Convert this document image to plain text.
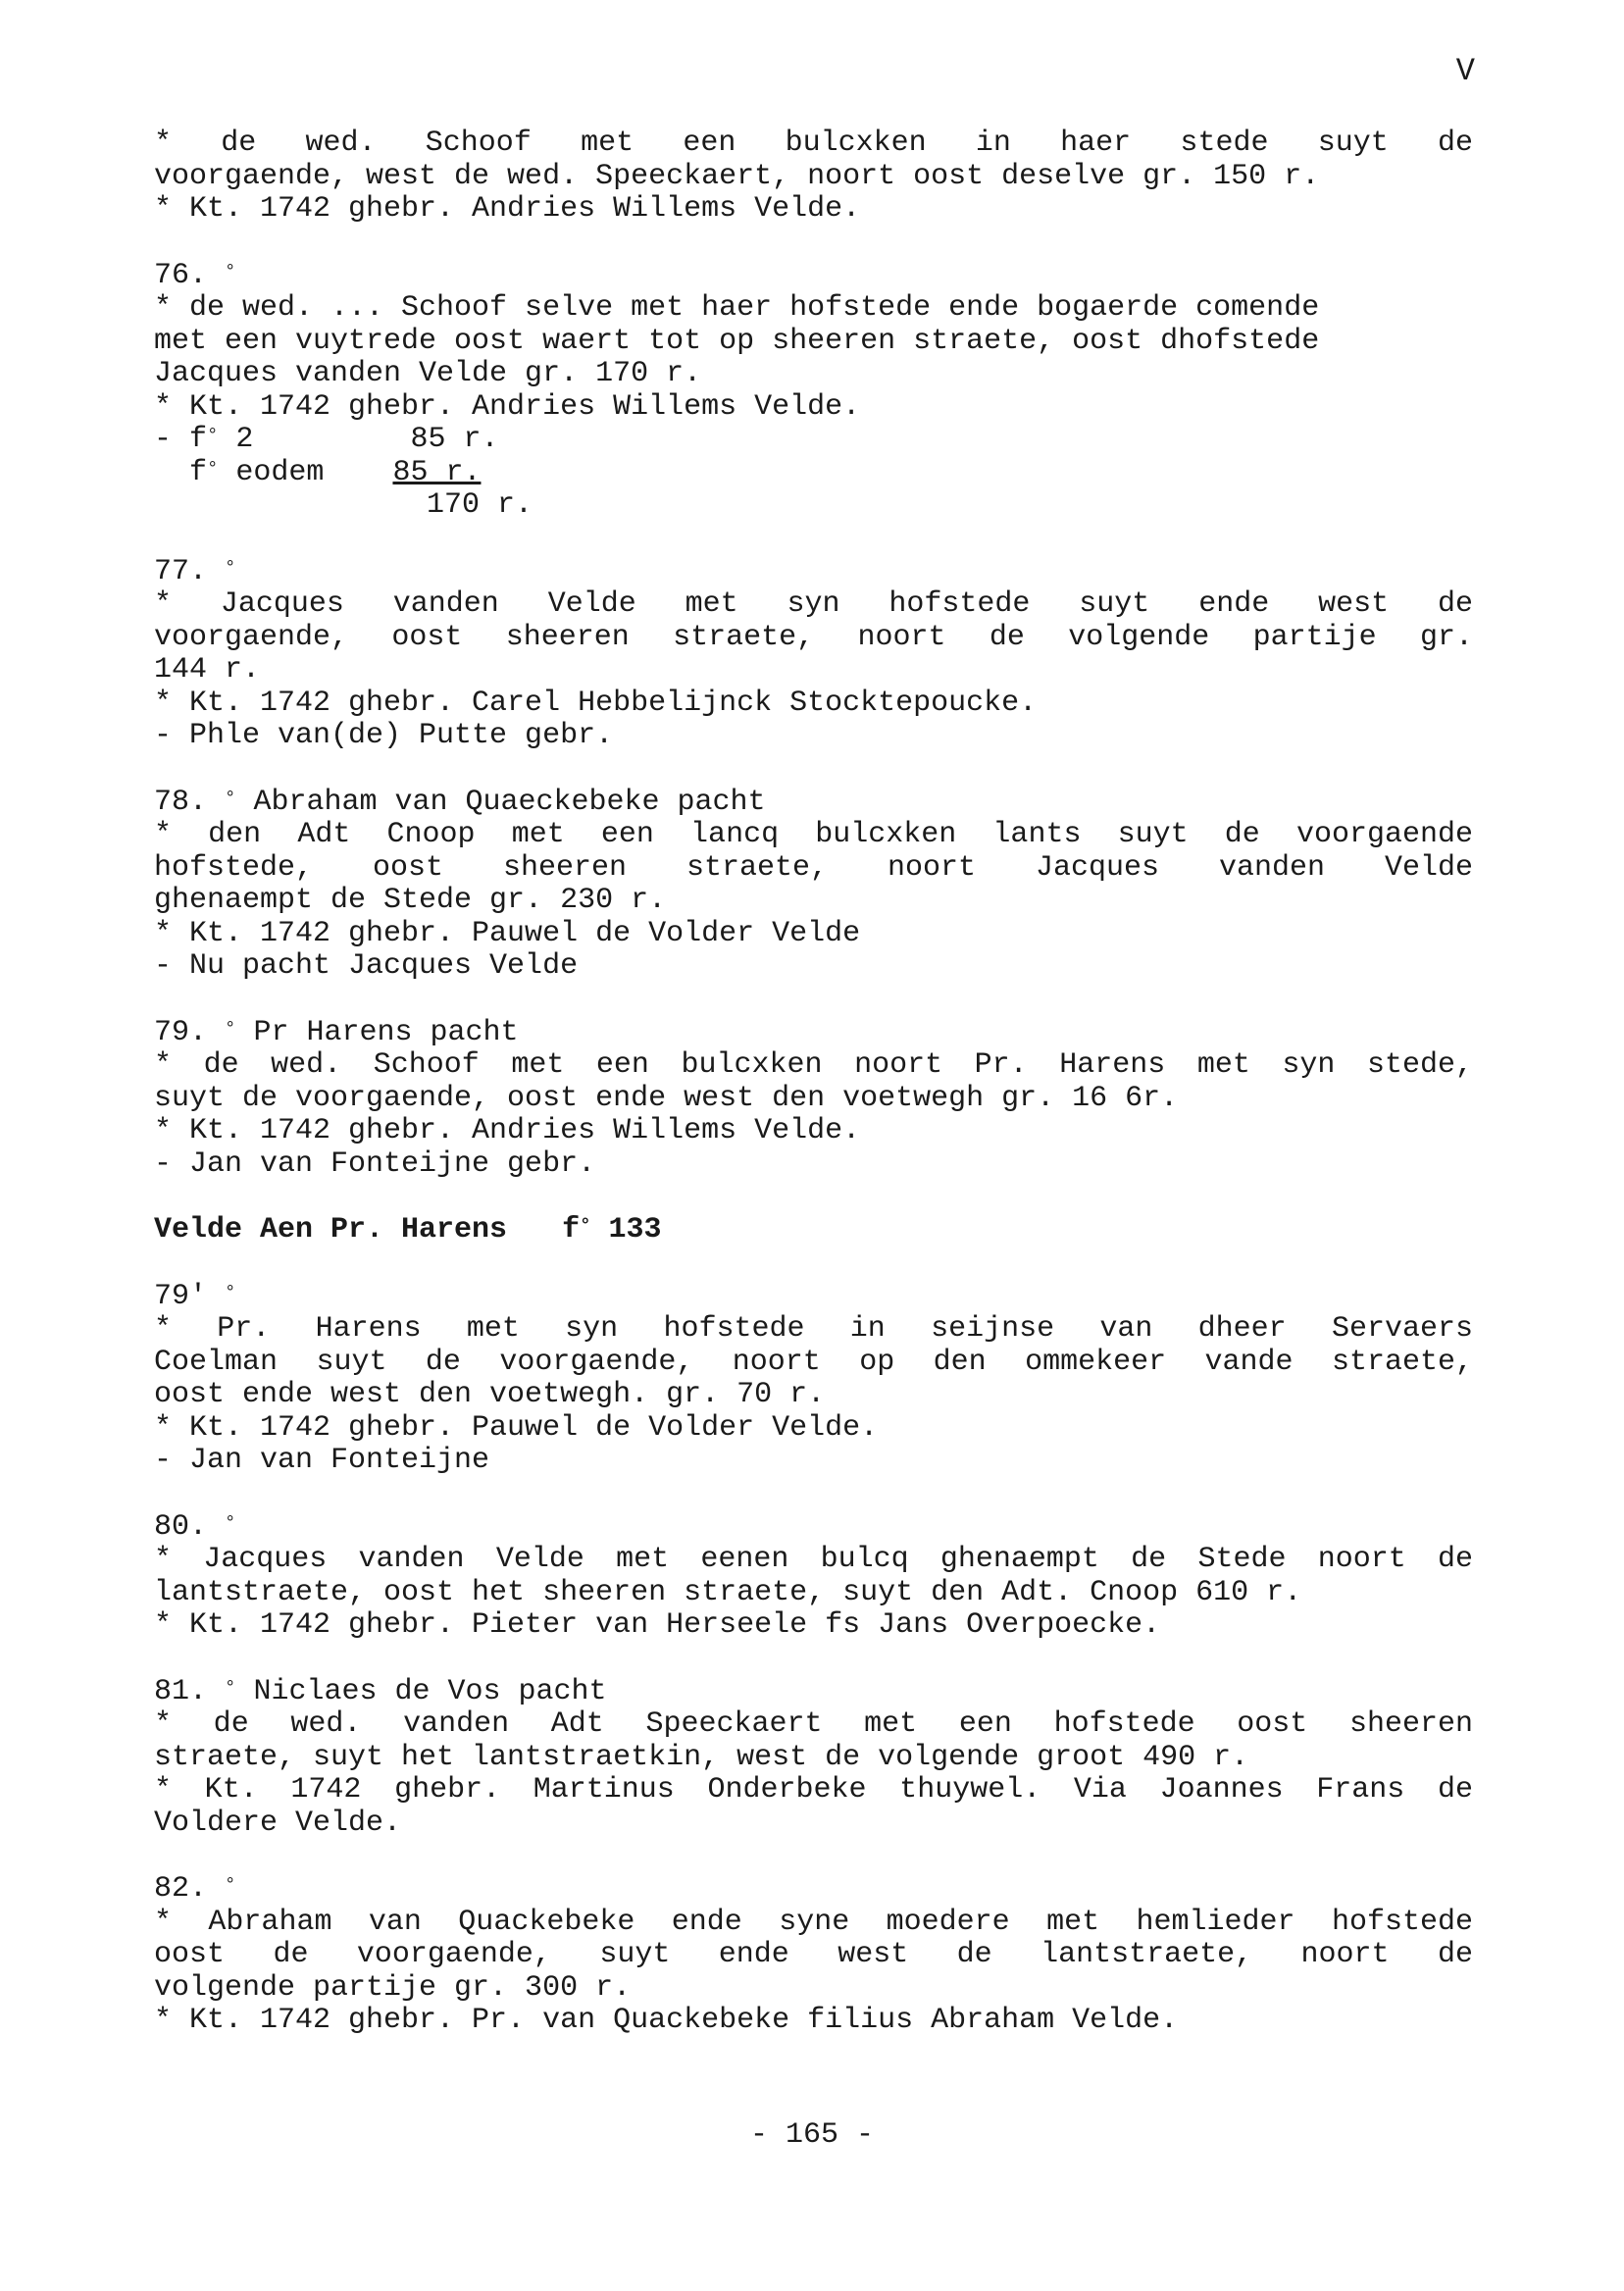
V
* de wed. Schoof met een bulcxken in haer stede suyt de
voorgaende, west de wed. Speeckaert, noort oost deselve gr. 150 r.
* Kt. 1742 ghebr. Andries Willems Velde.
76. °
* de wed. ... Schoof selve met haer hofstede ende bogaerde comende
met een vuytrede oost waert tot op sheeren straete, oost dhofstede
Jacques vanden Velde gr. 170 r.
* Kt. 1742 ghebr. Andries Willems Velde.
- f° 2	85 r.
f° eodem 85 r.
170 r.
77. °
* Jacques vanden Velde met syn hofstede suyt ende west de
voorgaende, oost sheeren straete, noort de volgende partije gr.
144 r.
* Kt. 1742 ghebr. Carel Hebbelijnck Stocktepoucke.
- Phle van(de) Putte gebr.
78. ° Abraham van Quaeckebeke pacht
* den Adt Cnoop met een lancq bulcxken lants suyt de voorgaende
hofstede, oost sheeren straete, noort Jacques vanden Velde
ghenaempt de Stede gr. 230 r.
* Kt. 1742 ghebr. Pauwel de Volder Velde
- Nu pacht Jacques Velde
79. ° Pr Harens pacht
* de wed. Schoof met een bulcxken noort Pr. Harens met syn stede,
suyt de voorgaende, oost ende west den voetwegh gr. 16 6r.
* Kt. 1742 ghebr. Andries Willems Velde.
- Jan van Fonteijne gebr.
Velde Aen Pr. Harens f° 133
79' °
* Pr. Harens met syn hofstede in seijnse van dheer Servaers
Coelman suyt de voorgaende, noort op den ommekeer vande straete,
oost ende west den voetwegh. gr. 70 r.
* Kt. 1742 ghebr. Pauwel de Volder Velde.
- Jan van Fonteijne
80. °
* Jacques vanden Velde met eenen bulcq ghenaempt de Stede noort de
lantstraete, oost het sheeren straete, suyt den Adt. Cnoop 610 r.
* Kt. 1742 ghebr. Pieter van Herseele fs Jans Overpoecke.
81. ° Niclaes de Vos pacht
* de wed. vanden Adt Speeckaert met een hofstede oost sheeren
straete, suyt het lantstraetkin, west de volgende groot 490 r.
* Kt. 1742 ghebr. Martinus Onderbeke thuywel. Via Joannes Frans de
Voldere Velde.
82. °
* Abraham van Quackebeke ende syne moedere met hemlieder hofstede
oost de voorgaende, suyt ende west de lantstraete, noort de
volgende partije gr. 300 r.
* Kt. 1742 ghebr. Pr. van Quackebeke filius Abraham Velde.
- 165 -
